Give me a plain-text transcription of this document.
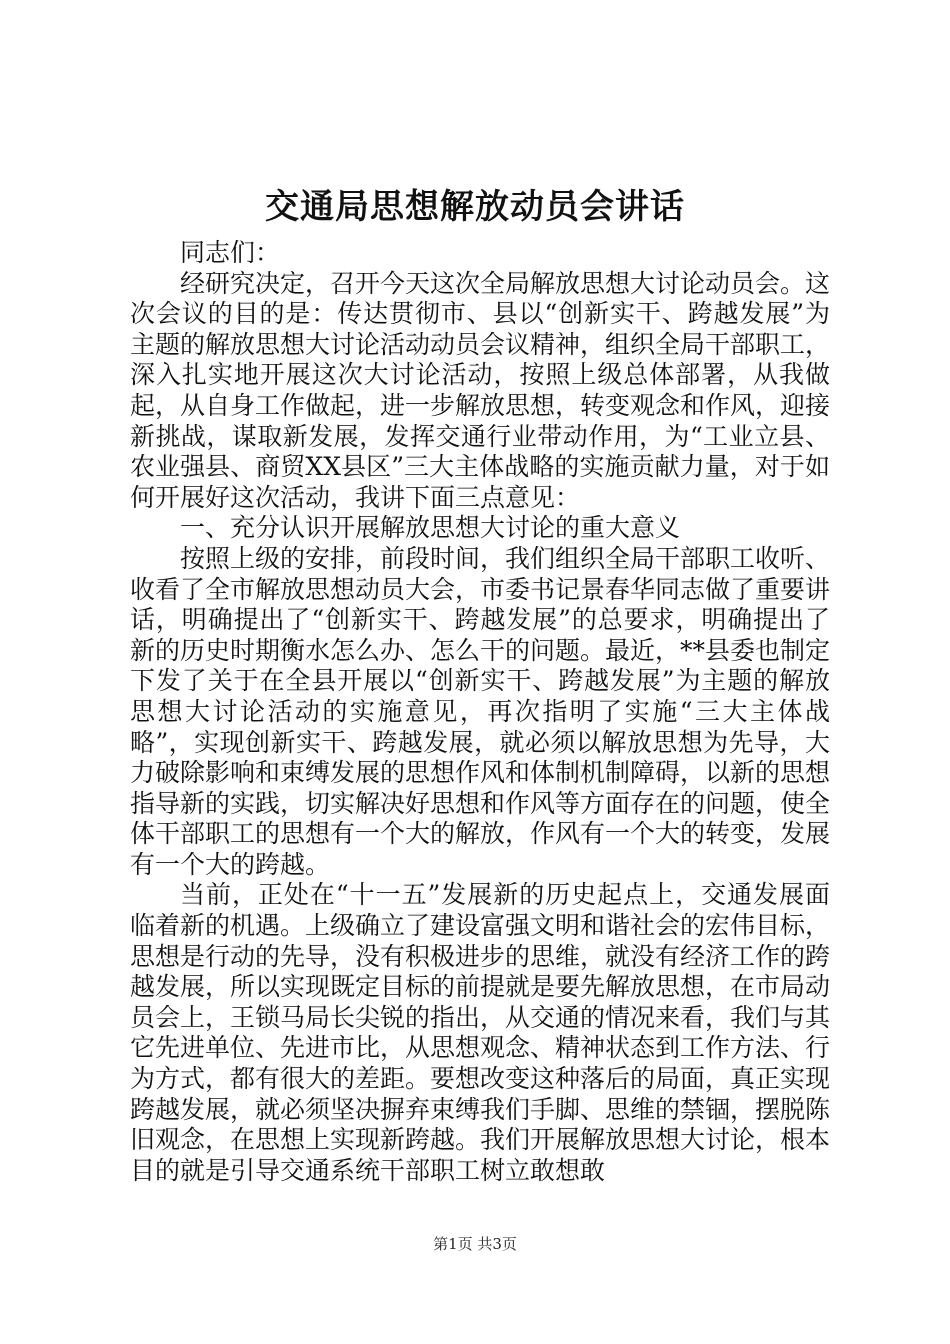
交通局思想解放动员会讲话

同志们：

经研究决定，召开今天这次全局解放思想大讨论动员会。这次会议的目的是：传达贯彻市、县以“创新实干、跨越发展”为主题的解放思想大讨论活动动员会议精神，组织全局干部职工，深入扎实地开展这次大讨论活动，按照上级总体部署，从我做起，从自身工作做起，进一步解放思想，转变观念和作风，迎接新挑战，谋取新发展，发挥交通行业带动作用，为“工业立县、农业强县、商贸XX县区”三大主体战略的实施贡献力量，对于如何开展好这次活动，我讲下面三点意见：

一、充分认识开展解放思想大讨论的重大意义

按照上级的安排，前段时间，我们组织全局干部职工收听、收看了全市解放思想动员大会，市委书记景春华同志做了重要讲话，明确提出了“创新实干、跨越发展”的总要求，明确提出了新的历史时期衡水怎么办、怎么干的问题。最近，**县委也制定下发了关于在全县开展以“创新实干、跨越发展”为主题的解放思想大讨论活动的实施意见，再次指明了实施“三大主体战略”，实现创新实干、跨越发展，就必须以解放思想为先导，大力破除影响和束缚发展的思想作风和体制机制障碍，以新的思想指导新的实践，切实解决好思想和作风等方面存在的问题，使全体干部职工的思想有一个大的解放，作风有一个大的转变，发展有一个大的跨越。

当前，正处在“十一五”发展新的历史起点上，交通发展面临着新的机遇。上级确立了建设富强文明和谐社会的宏伟目标，思想是行动的先导，没有积极进步的思维，就没有经济工作的跨越发展，所以实现既定目标的前提就是要先解放思想，在市局动员会上，王锁马局长尖锐的指出，从交通的情况来看，我们与其它先进单位、先进市比，从思想观念、精神状态到工作方法、行为方式，都有很大的差距。要想改变这种落后的局面，真正实现跨越发展，就必须坚决摒弃束缚我们手脚、思维的禁锢，摆脱陈旧观念，在思想上实现新跨越。我们开展解放思想大讨论，根本目的就是引导交通系统干部职工树立敢想敢

第1页 共3页
